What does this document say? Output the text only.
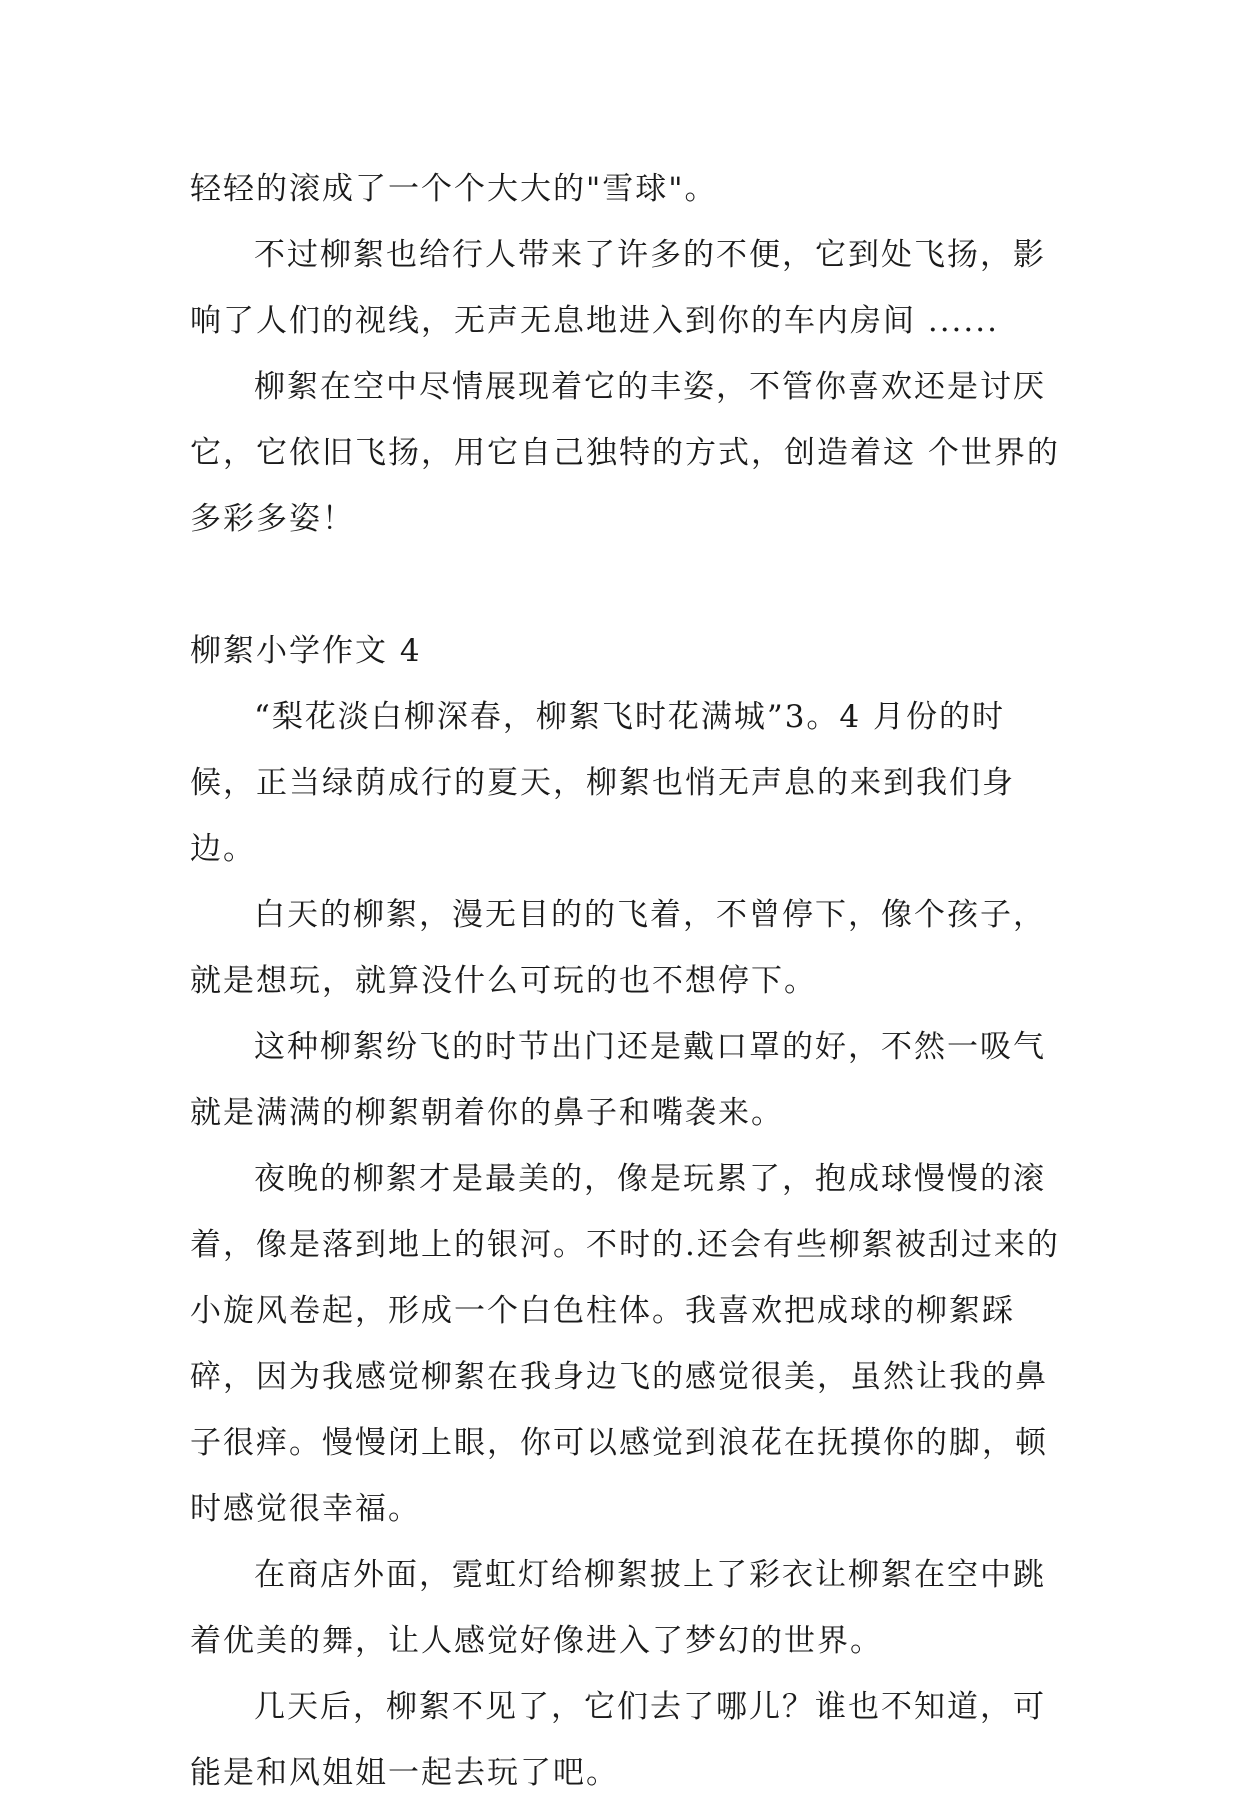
轻轻的滚成了一个个大大的"雪球"。

不过柳絮也给行人带来了许多的不便，它到处飞扬，影响了人们的视线，无声无息地进入到你的车内房间 ......

柳絮在空中尽情展现着它的丰姿，不管你喜欢还是讨厌它，它依旧飞扬，用它自己独特的方式，创造着这 个世界的多彩多姿！

柳絮小学作文 4

“梨花淡白柳深春，柳絮飞时花满城”3。4 月份的时候，正当绿荫成行的夏天，柳絮也悄无声息的来到我们身边。

白天的柳絮，漫无目的的飞着，不曾停下，像个孩子，就是想玩，就算没什么可玩的也不想停下。

这种柳絮纷飞的时节出门还是戴口罩的好，不然一吸气就是满满的柳絮朝着你的鼻子和嘴袭来。

夜晚的柳絮才是最美的，像是玩累了，抱成球慢慢的滚着，像是落到地上的银河。不时的.还会有些柳絮被刮过来的小旋风卷起，形成一个白色柱体。我喜欢把成球的柳絮踩碎，因为我感觉柳絮在我身边飞的感觉很美，虽然让我的鼻子很痒。慢慢闭上眼，你可以感觉到浪花在抚摸你的脚，顿时感觉很幸福。

在商店外面，霓虹灯给柳絮披上了彩衣让柳絮在空中跳着优美的舞，让人感觉好像进入了梦幻的世界。

几天后，柳絮不见了，它们去了哪儿？谁也不知道，可能是和风姐姐一起去玩了吧。
